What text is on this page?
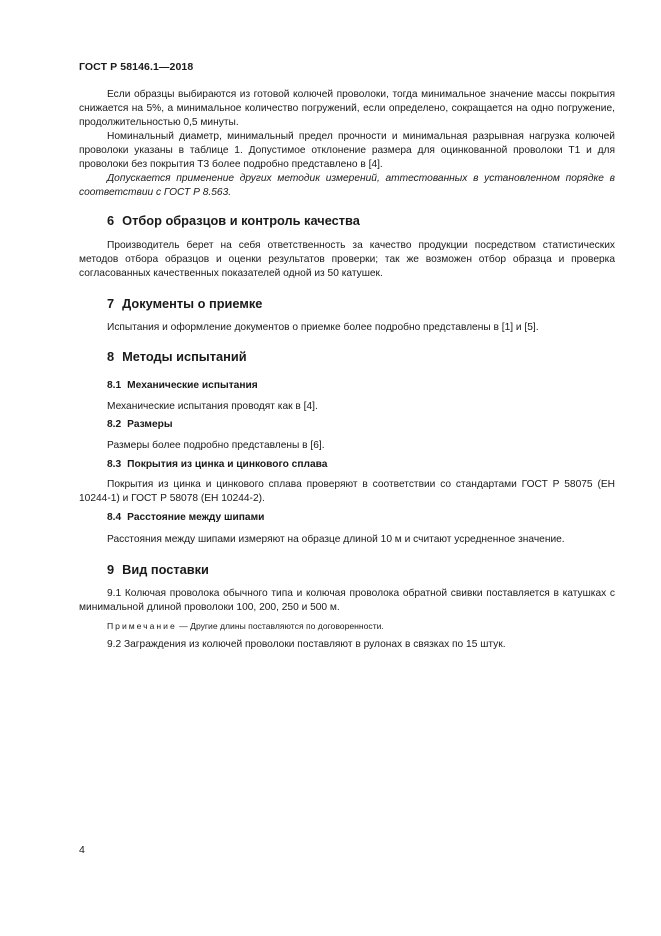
ГОСТ Р 58146.1—2018
Если образцы выбираются из готовой колючей проволоки, тогда минимальное значение массы покрытия снижается на 5%, а минимальное количество погружений, если определено, сокращается на одно погружение, продолжительностью 0,5 минуты.
Номинальный диаметр, минимальный предел прочности и минимальная разрывная нагрузка колючей проволоки указаны в таблице 1. Допустимое отклонение размера для оцинкованной проволоки Т1 и для проволоки без покрытия Т3 более подробно представлено в [4].
Допускается применение других методик измерений, аттестованных в установленном порядке в соответствии с ГОСТ Р 8.563.
6 Отбор образцов и контроль качества
Производитель берет на себя ответственность за качество продукции посредством статистических методов отбора образцов и оценки результатов проверки; так же возможен отбор образца и проверка согласованных качественных показателей одной из 50 катушек.
7 Документы о приемке
Испытания и оформление документов о приемке более подробно представлены в [1] и [5].
8 Методы испытаний
8.1 Механические испытания
Механические испытания проводят как в [4].
8.2 Размеры
Размеры более подробно представлены в [6].
8.3 Покрытия из цинка и цинкового сплава
Покрытия из цинка и цинкового сплава проверяют в соответствии со стандартами ГОСТ Р 58075 (ЕН 10244-1) и ГОСТ Р 58078 (ЕН 10244-2).
8.4 Расстояние между шипами
Расстояния между шипами измеряют на образце длиной 10 м и считают усредненное значение.
9 Вид поставки
9.1 Колючая проволока обычного типа и колючая проволока обратной свивки поставляется в катушках с минимальной длиной проволоки 100, 200, 250 и 500 м.
Примечание — Другие длины поставляются по договоренности.
9.2 Заграждения из колючей проволоки поставляют в рулонах в связках по 15 штук.
4
